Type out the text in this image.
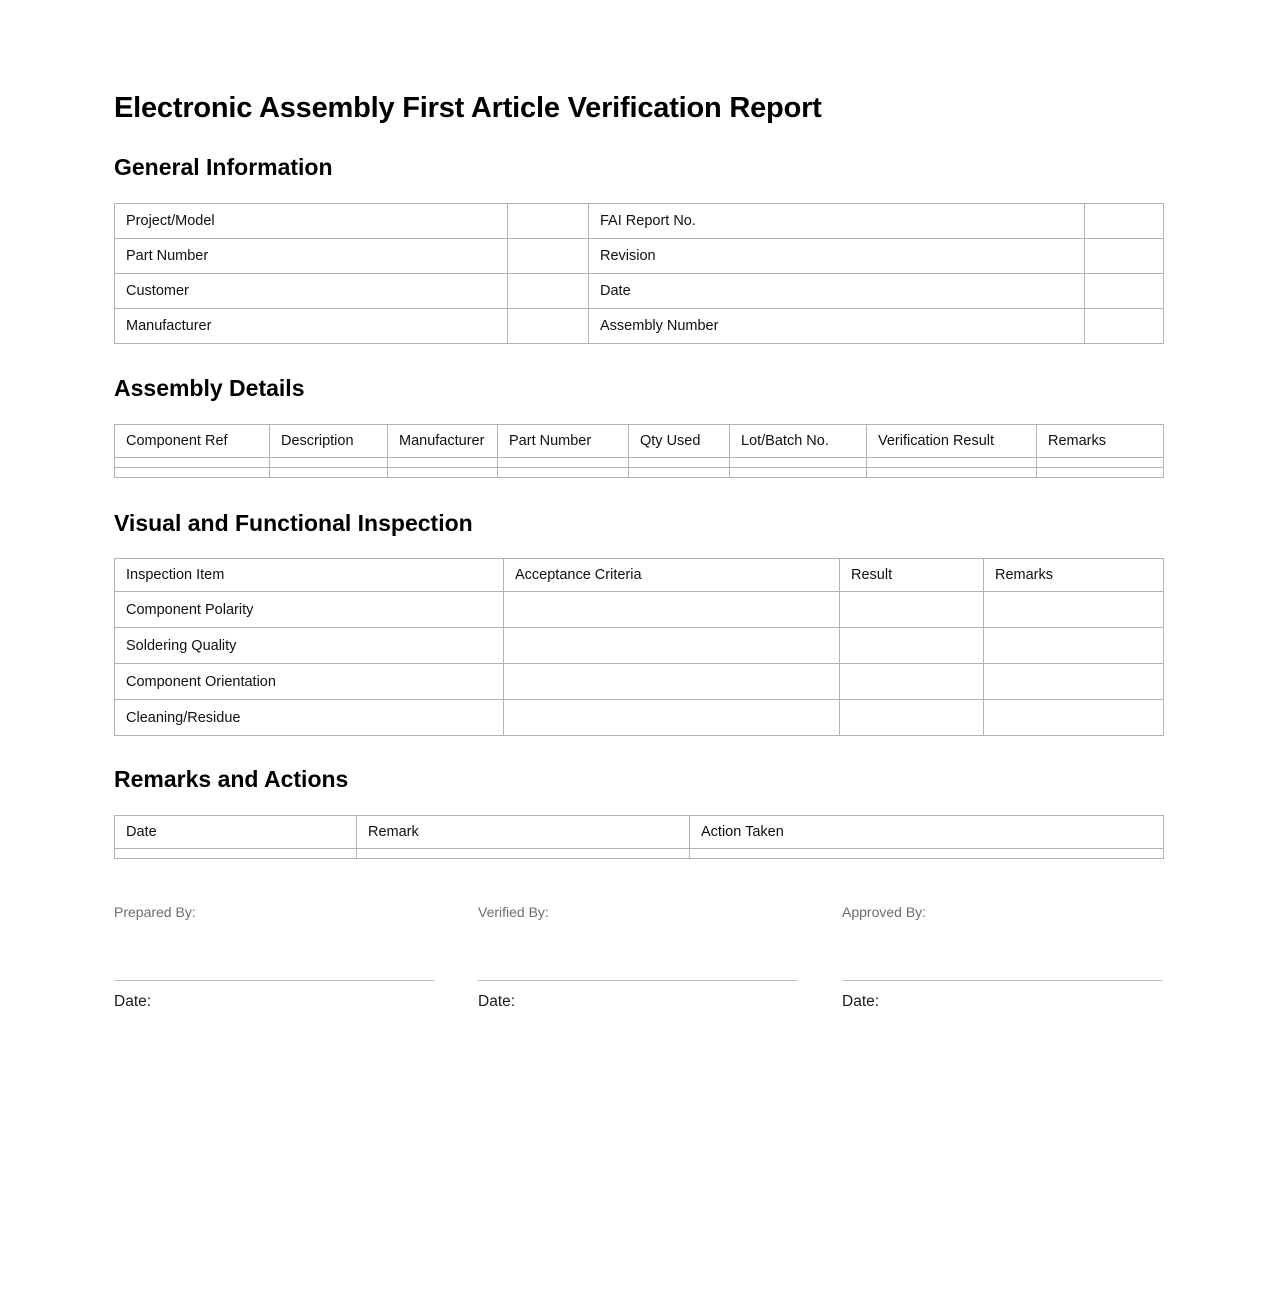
Electronic Assembly First Article Verification Report
General Information
Project/Model		FAI Report No.	
Part Number		Revision	
Customer		Date	
Manufacturer		Assembly Number	
Assembly Details
Component Ref	Description	Manufacturer	Part Number	Qty Used	Lot/Batch No.	Verification Result	Remarks

Visual and Functional Inspection
Inspection Item	Acceptance Criteria	Result	Remarks
Component Polarity			
Soldering Quality			
Component Orientation			
Cleaning/Residue			
Remarks and Actions
Date	Remark	Action Taken

Prepared By:
Date:
Verified By:
Date:
Approved By:
Date:
